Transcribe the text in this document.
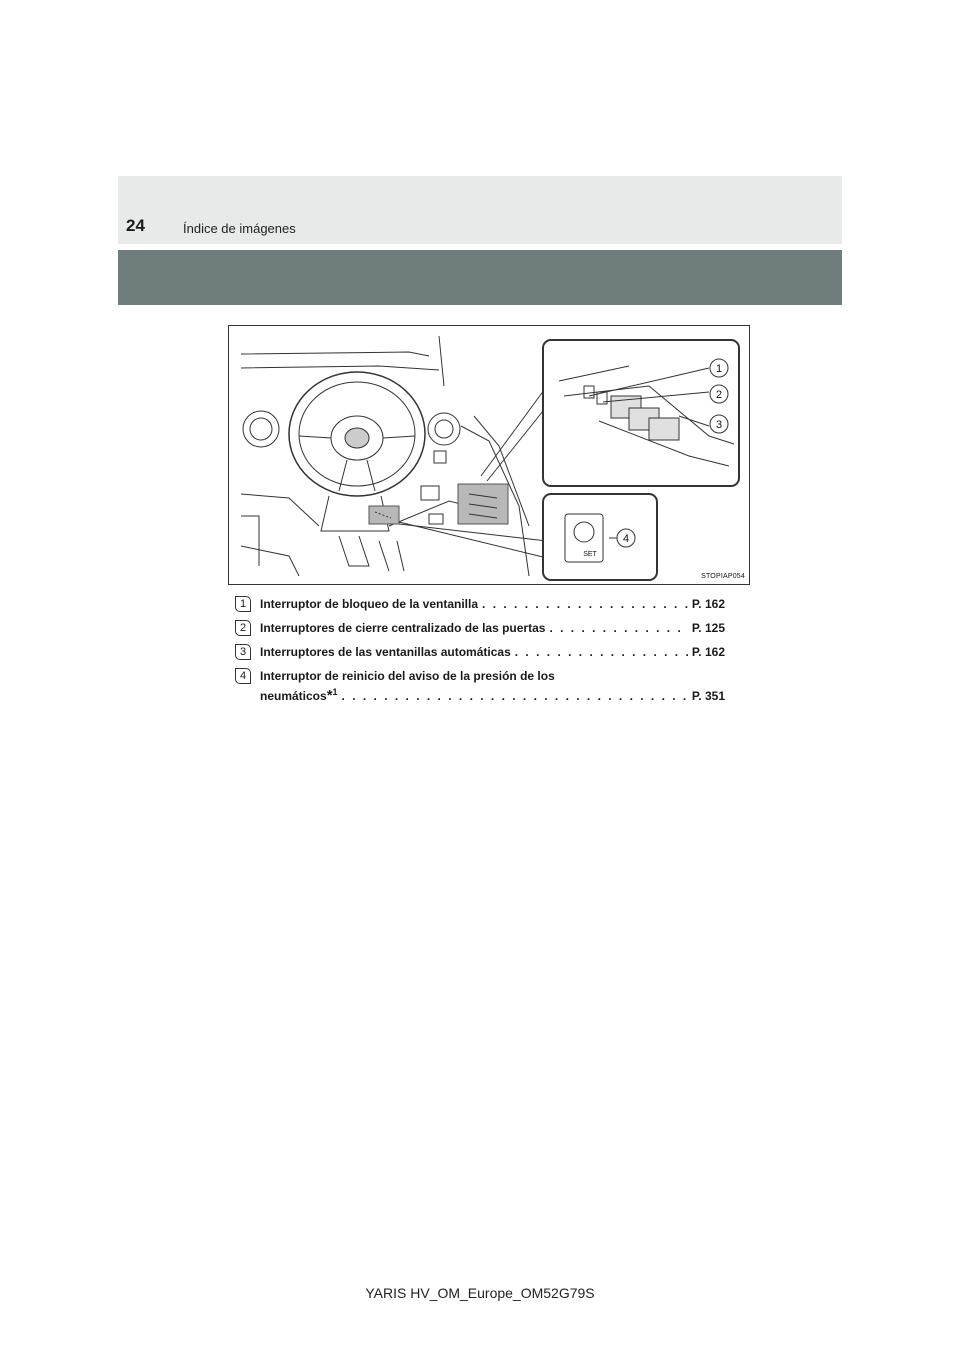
24	Índice de imágenes
1
2
3
4
SET
STOPIAP054
1	Interruptor de bloqueo de la ventanilla . . .	P. 162
2	Interruptores de cierre centralizado de las puertas . . .	P. 125
3	Interruptores de las ventanillas automáticas . . .	P. 162
4	Interruptor de reinicio del aviso de la presión de los
neumáticos*$^1$ . . .	P. 351
YARIS HV_OM_Europe_OM52G79S
